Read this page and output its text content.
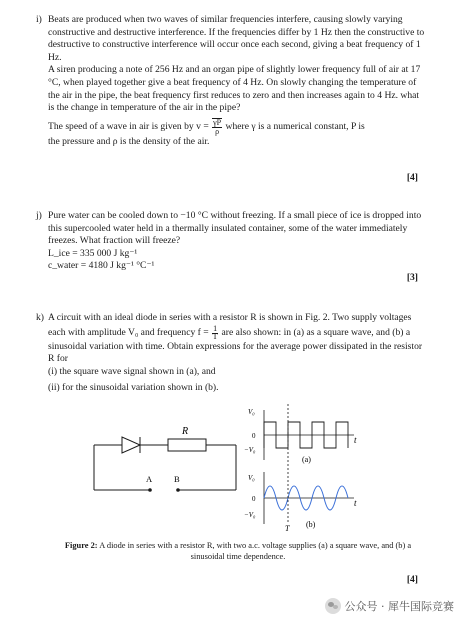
i) Beats are produced when two waves of similar frequencies interfere, causing slowly varying constructive and destructive interference. If the frequencies differ by 1 Hz then the constructive to destructive to constructive interference will occur once each second, giving a beat frequency of 1 Hz.

A siren producing a note of 256 Hz and an organ pipe of slightly lower frequency full of air at 17 °C, when played together give a beat frequency of 4 Hz. On slowly changing the temperature of the air in the pipe, the beat frequency first reduces to zero and then increases again to 4 Hz. what is the change in temperature of the air in the pipe?

The speed of a wave in air is given by $v = \frac{\gamma P}{\rho}$ where γ is a numerical constant, P is

the pressure and ρ is the density of the air.

[4]
j) Pure water can be cooled down to −10 °C without freezing. If a small piece of ice is dropped into this supercooled water held in a thermally insulated container, some of the water immediately freezes. What fraction will freeze?

L_ice = 335 000 J kg⁻¹

c_water = 4180 J kg⁻¹ °C⁻¹

[3]
k) A circuit with an ideal diode in series with a resistor R is shown in Fig. 2. Two supply voltages each with amplitude V₀ and frequency $f = \frac{1}{T}$ are also shown: in (a) as a square wave, and (b) a sinusoidal variation with time. Obtain expressions for the average power dissipated in the resistor R for

(i) the square wave signal shown in (a), and

(ii) for the sinusoidal variation shown in (b).

R
A	B
V₀
0
−V₀
t
(a)
V₀
0
−V₀
t
(b)
T
Figure 2: A diode in series with a resistor R, with two a.c. voltage supplies (a) a square wave, and (b) a sinusoidal time dependence.
[4]
公众号 · 犀牛国际竞赛
